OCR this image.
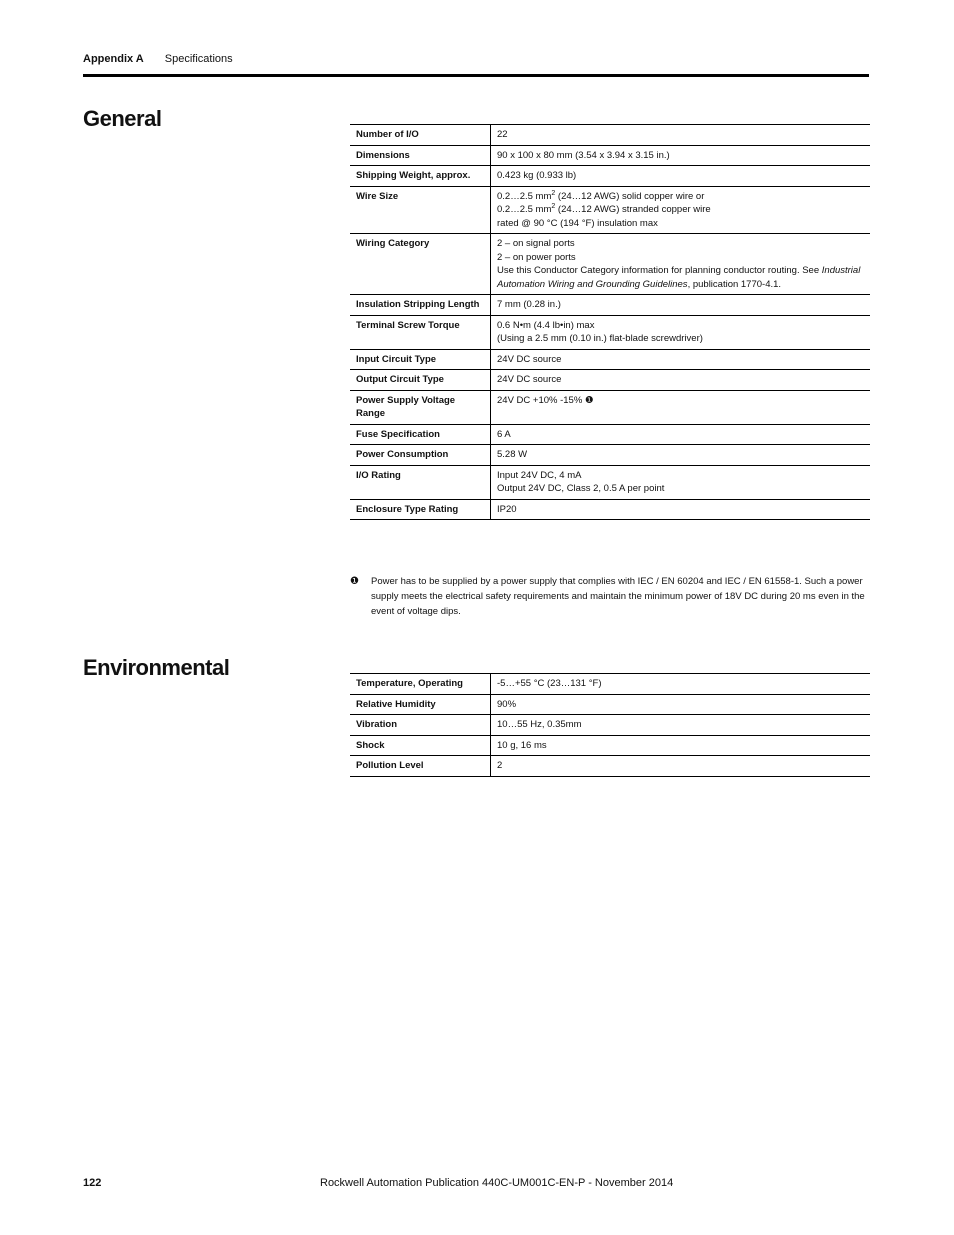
Appendix A Specifications
General
Number of I/O	22
Dimensions	90 x 100 x 80 mm (3.54 x 3.94 x 3.15 in.)
Shipping Weight, approx.	0.423 kg (0.933 lb)
Wire Size	0.2…2.5 $mm^2$ (24…12 AWG) solid copper wire or
0.2…2.5 $mm^2$ (24…12 AWG) stranded copper wire
rated @ 90 °C (194 °F) insulation max
Wiring Category	2 – on signal ports
2 – on power ports
Use this Conductor Category information for planning conductor routing. See Industrial Automation Wiring and Grounding Guidelines, publication 1770-4.1.
Insulation Stripping Length	7 mm (0.28 in.)
Terminal Screw Torque	0.6 N•m (4.4 lb•in) max
(Using a 2.5 mm (0.10 in.) flat-blade screwdriver)
Input Circuit Type	24V DC source
Output Circuit Type	24V DC source
Power Supply Voltage Range	24V DC +10% -15% ❶
Fuse Specification	6 A
Power Consumption	5.28 W
I/O Rating	Input 24V DC, 4 mA
Output 24V DC, Class 2, 0.5 A per point
Enclosure Type Rating	IP20
❶ Power has to be supplied by a power supply that complies with IEC / EN 60204 and IEC / EN 61558-1. Such a power supply meets the electrical safety requirements and maintain the minimum power of 18V DC during 20 ms even in the event of voltage dips.
Environmental
Temperature, Operating	-5…+55 °C (23…131 °F)
Relative Humidity	90%
Vibration	10…55 Hz, 0.35mm
Shock	10 g, 16 ms
Pollution Level	2
122	Rockwell Automation Publication 440C-UM001C-EN-P - November 2014
